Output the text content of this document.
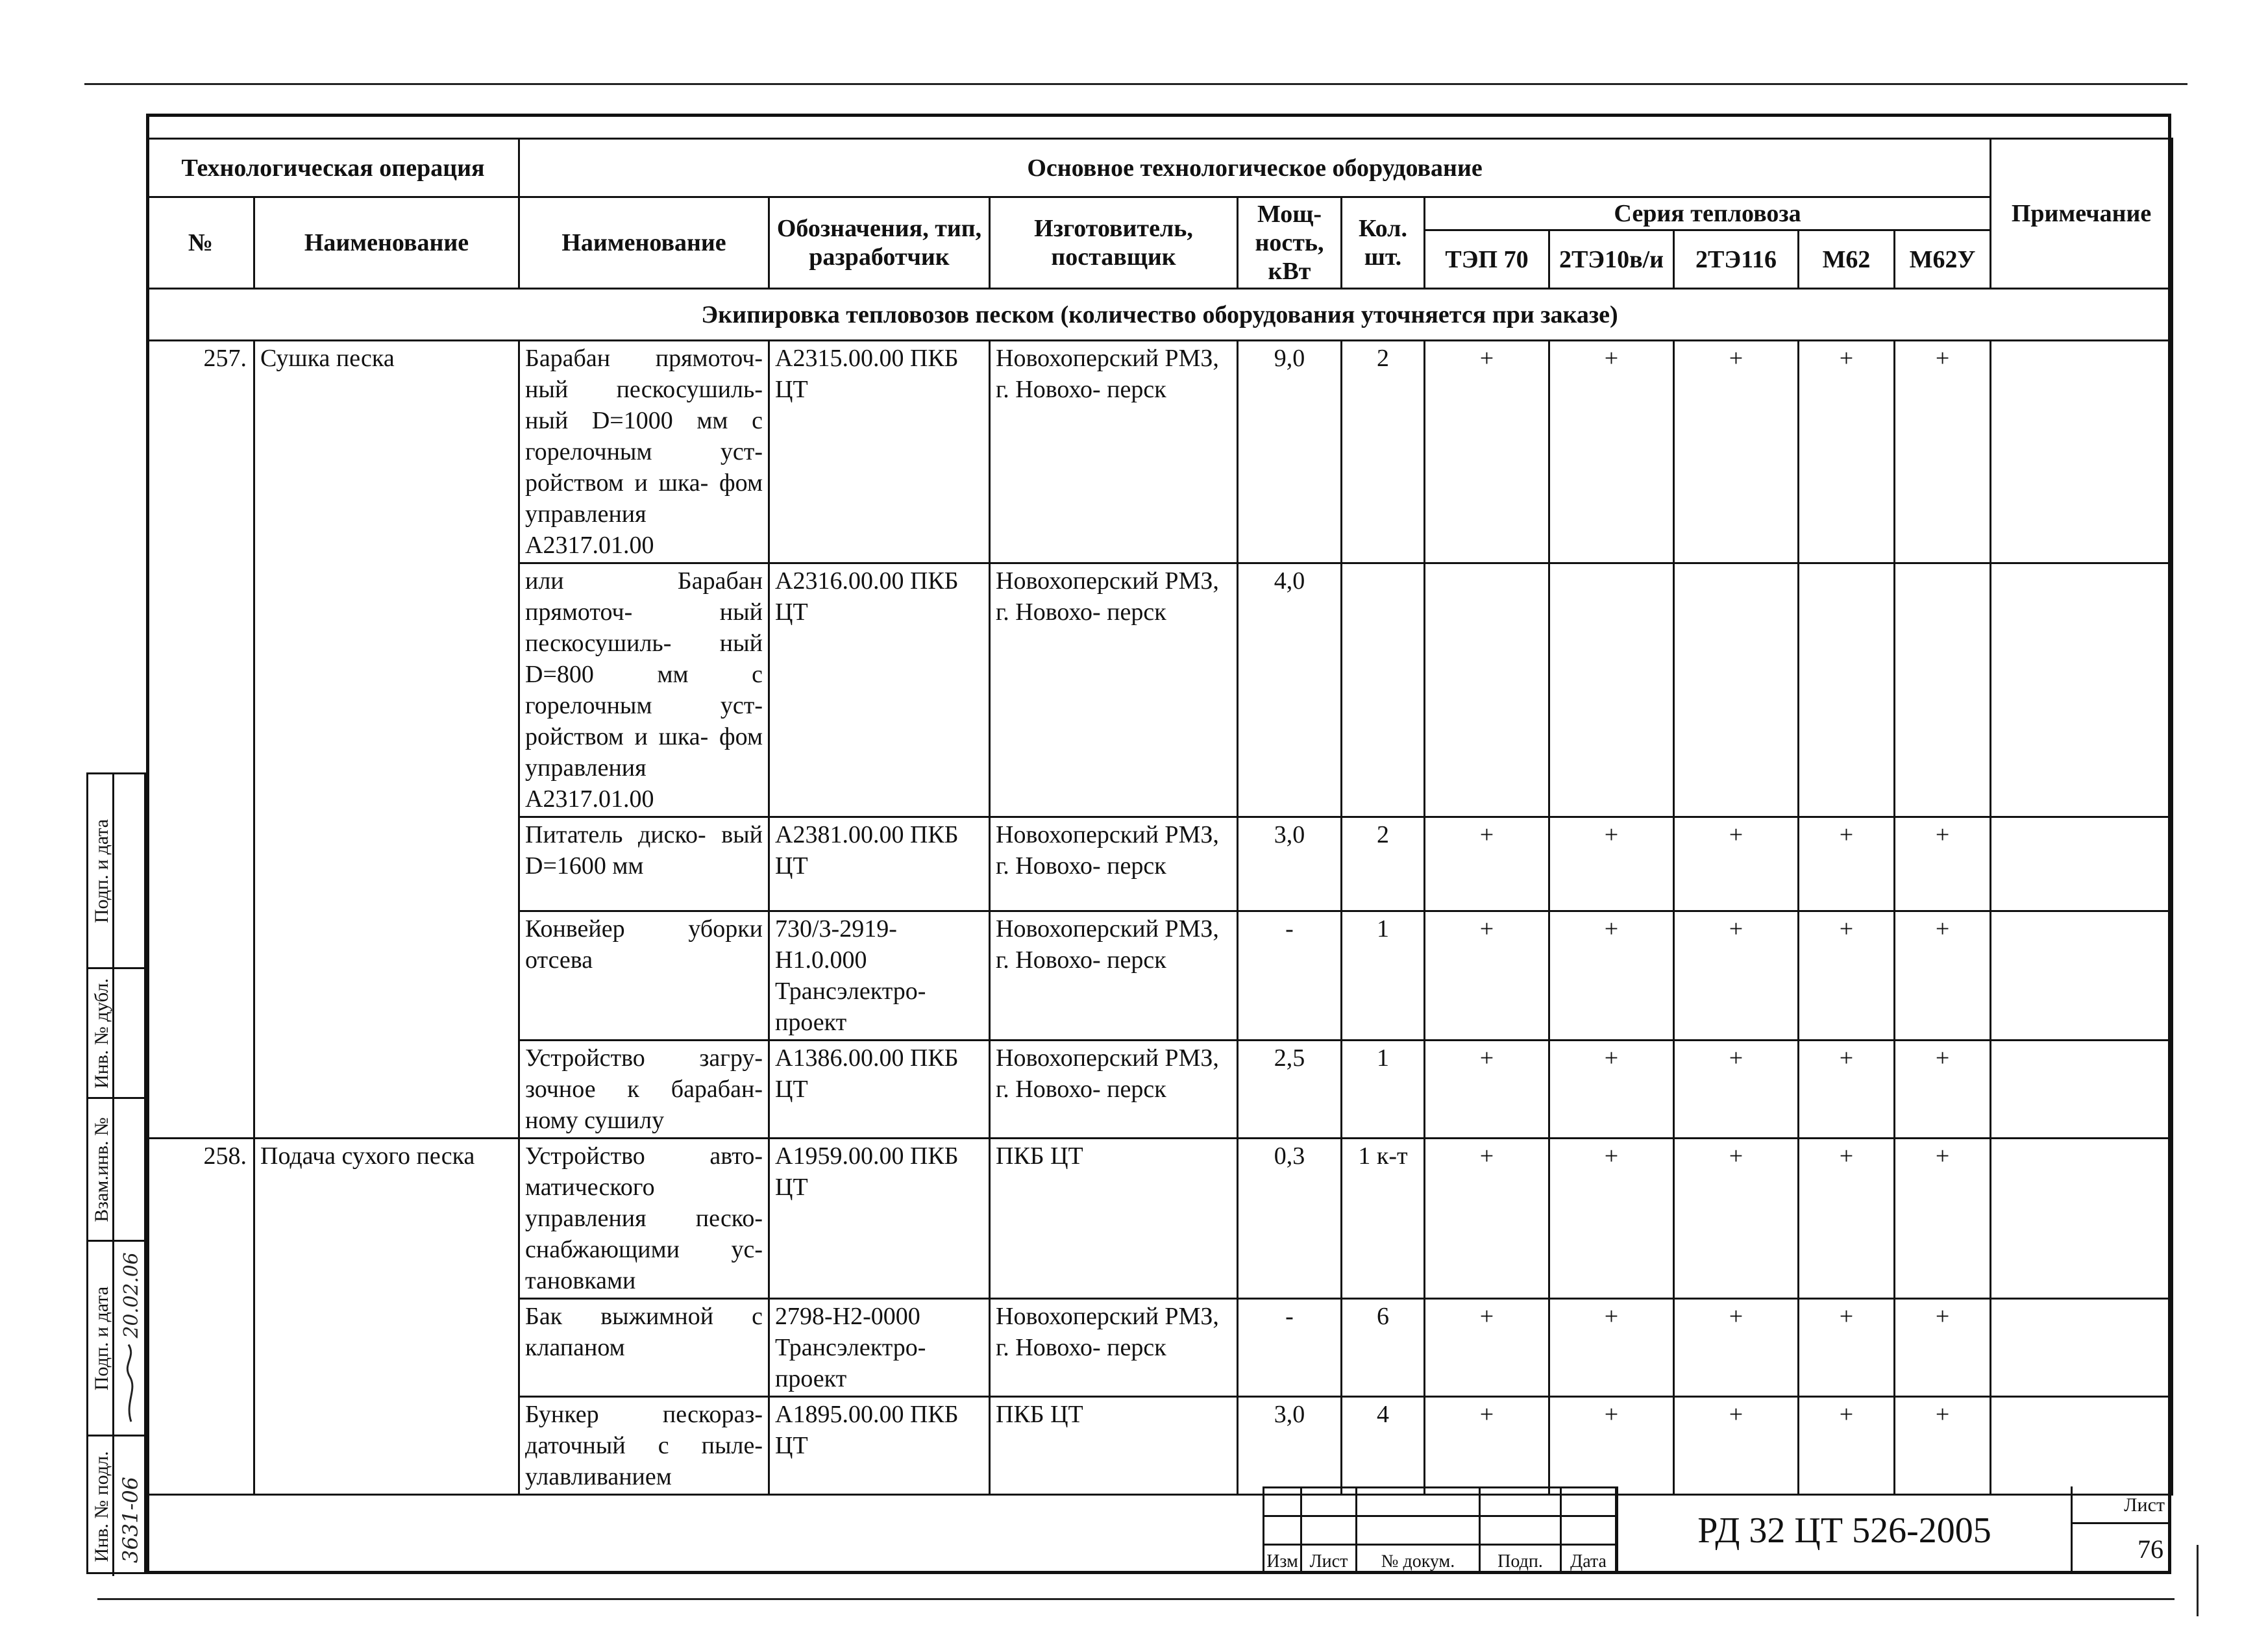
Технологическая операция		Основное технологическое оборудование										Примечание
№	Наименование	Наименование	Обозначения, тип, разработчик	Изготовитель, поставщик	Мощ- ность, кВт	Кол. шт.	Серия тепловоза					
							ТЭП 70	2ТЭ10в/и	2ТЭ116	М62	М62У	
Экипировка тепловозов песком (количество оборудования уточняется при заказе)												
257.	Сушка песка	Барабан прямоточ- ный пескосушиль- ный D=1000 мм с горелочным уст- ройством и шка- фом управления А2317.01.00	А2315.00.00 ПКБ ЦТ	Новохоперский РМЗ, г. Новохо- перск	9,0	2	+	+	+	+	+	
		или Барабан прямоточ- ный пескосушиль- ный D=800 мм с горелочным уст- ройством и шка- фом управления А2317.01.00	А2316.00.00 ПКБ ЦТ	Новохоперский РМЗ, г. Новохо- перск	4,0							
		Питатель диско- вый D=1600 мм	А2381.00.00 ПКБ ЦТ	Новохоперский РМЗ, г. Новохо- перск	3,0	2	+	+	+	+	+	
		Конвейер уборки отсева	730/3-2919- Н1.0.000 Трансэлектро- проект	Новохоперский РМЗ, г. Новохо- перск	-	1	+	+	+	+	+	
		Устройство загру- зочное к барабан- ному сушилу	А1386.00.00 ПКБ ЦТ	Новохоперский РМЗ, г. Новохо- перск	2,5	1	+	+	+	+	+	
258.	Подача сухого песка	Устройство авто- матического управления песко- снабжающими ус- тановками	А1959.00.00 ПКБ ЦТ	ПКБ ЦТ	0,3	1 к-т	+	+	+	+	+	
		Бак выжимной с клапаном	2798-Н2-0000 Трансэлектро- проект	Новохоперский РМЗ, г. Новохо- перск	-	6	+	+	+	+	+	
		Бункер пескораз- даточный с пыле- улавливанием	А1895.00.00 ПКБ ЦТ	ПКБ ЦТ	3,0	4	+	+	+	+	+	
Подп. и дата
Инв. № дубл.
Взам.инв. №
Подп. и дата 20.02.06
Инв. № подл. 3631-06

					Изм	Лист	№ докум.	Подп.	Дата
РД 32 ЦТ 526-2005
Лист
76
